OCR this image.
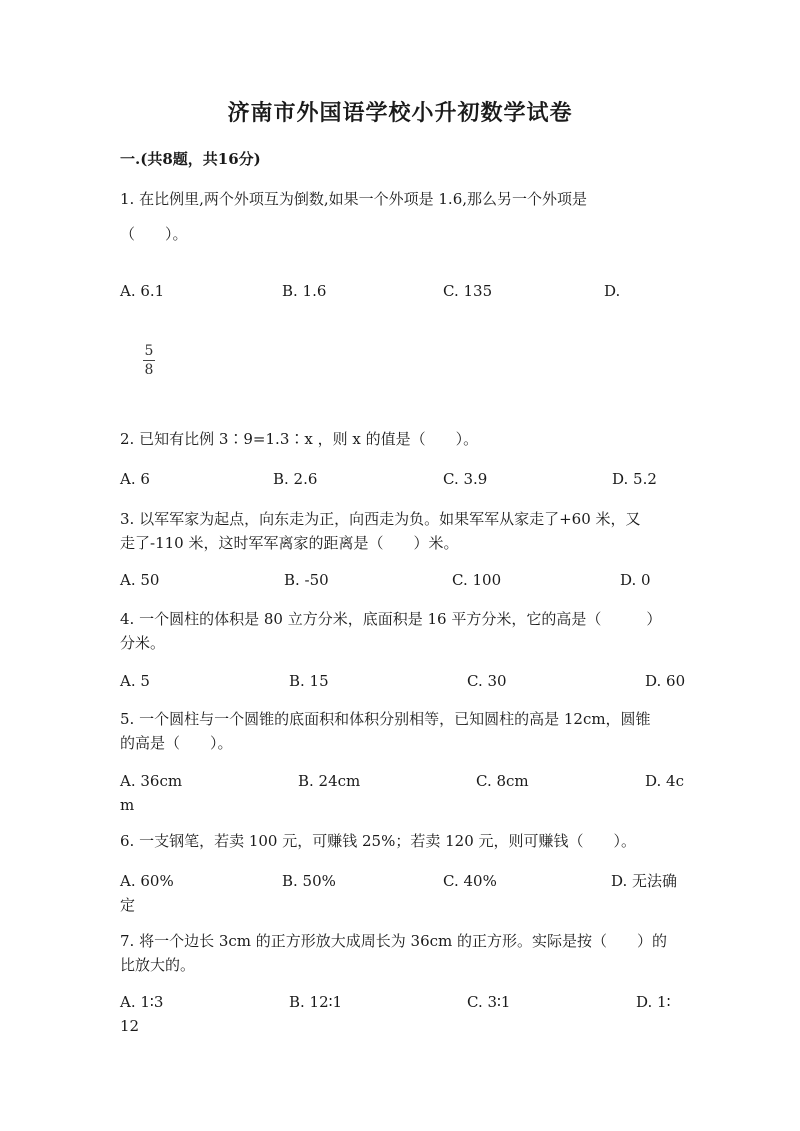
济南市外国语学校小升初数学试卷
一.(共8题，共16分)
1. 在比例里,两个外项互为倒数,如果一个外项是 1.6,那么另一个外项是
（　　）。
A. 6.1	B. 1.6	C. 135	D.
5
8
2. 已知有比例 3∶9=1.3∶x ，则 x 的值是（　　）。
A. 6	B. 2.6	C. 3.9	D. 5.2
3. 以军军家为起点，向东走为正，向西走为负。如果军军从家走了+60 米，又
走了-110 米，这时军军离家的距离是（　　）米。
A. 50	B. -50	C. 100	D. 0
4. 一个圆柱的体积是 80 立方分米，底面积是 16 平方分米，它的高是（　　　）
分米。
A. 5	B. 15	C. 30	D. 60
5. 一个圆柱与一个圆锥的底面积和体积分别相等，已知圆柱的高是 12cm，圆锥
的高是（　　）。
A. 36cm	B. 24cm	C. 8cm	D. 4c
m
6. 一支钢笔，若卖 100 元，可赚钱 25%；若卖 120 元，则可赚钱（　　）。
A. 60%	B. 50%	C. 40%	D. 无法确
定
7. 将一个边长 3cm 的正方形放大成周长为 36cm 的正方形。实际是按（　　）的
比放大的。
A. 1∶3	B. 12∶1	C. 3∶1	D. 1∶
12
